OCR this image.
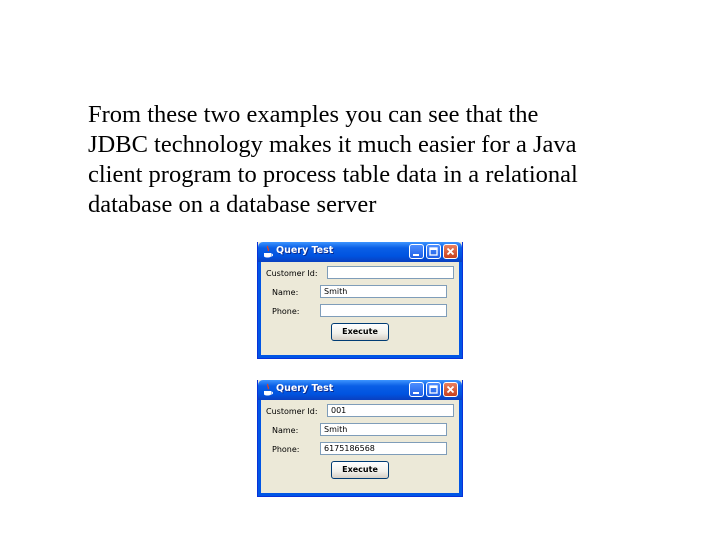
From these two examples you can see that the
JDBC technology makes it much easier for a Java
client program to process table data in a relational
database on a database server
Query Test
Customer Id:
Name:	Smith
Phone:
Execute
Query Test
Customer Id:	001
Name:	Smith
Phone:	6175186568
Execute
